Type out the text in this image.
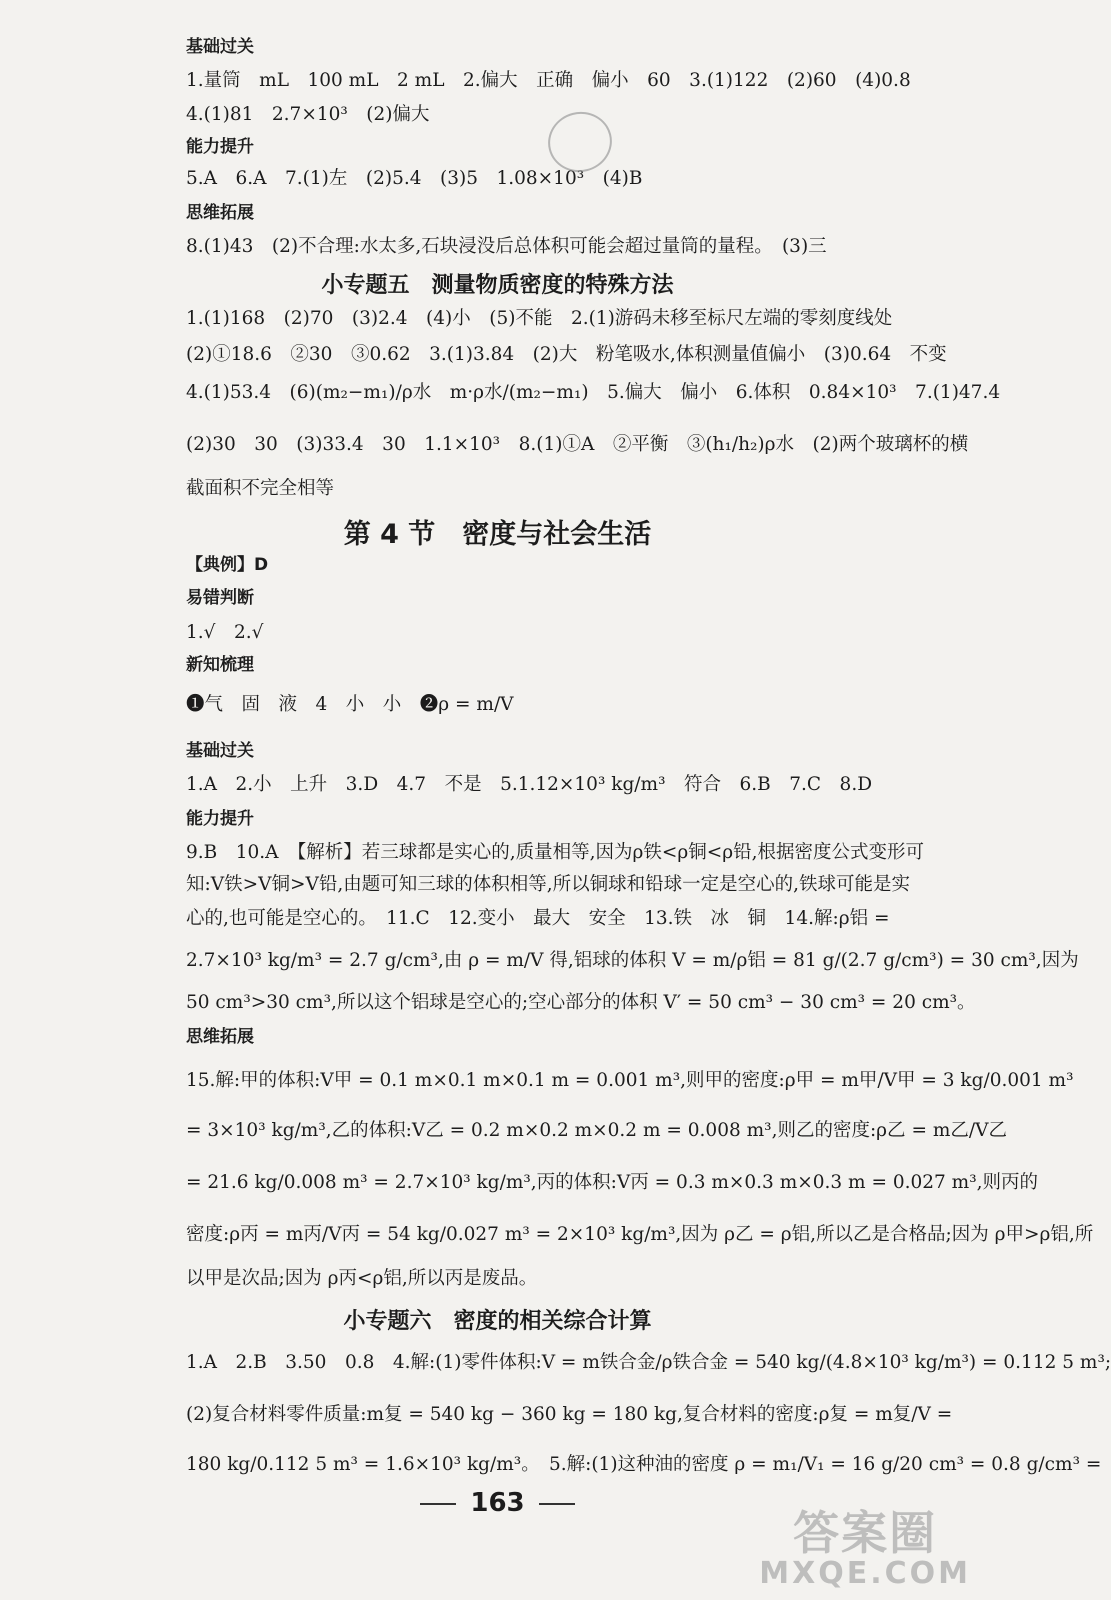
基础过关
1.量筒　mL　100 mL　2 mL　2.偏大　正确　偏小　60　3.(1)122　(2)60　(4)0.8
4.(1)81　2.7×10³　(2)偏大
能力提升
5.A　6.A　7.(1)左　(2)5.4　(3)5　1.08×10³　(4)B
思维拓展
8.(1)43　(2)不合理:水太多,石块浸没后总体积可能会超过量筒的量程。　(3)三
小专题五　测量物质密度的特殊方法
1.(1)168　(2)70　(3)2.4　(4)小　(5)不能　2.(1)游码未移至标尺左端的零刻度线处
(2)①18.6　②30　③0.62　3.(1)3.84　(2)大　粉笔吸水,体积测量值偏小　(3)0.64　不变
4.(1)53.4　(6)(m₂−m₁)/ρ水　m·ρ水/(m₂−m₁)　5.偏大　偏小　6.体积　0.84×10³　7.(1)47.4
(2)30　30　(3)33.4　30　1.1×10³　8.(1)①A　②平衡　③(h₁/h₂)ρ水　(2)两个玻璃杯的横
截面积不完全相等
第 4 节　密度与社会生活
【典例】D
易错判断
1.√　2.√
新知梳理
❶气　固　液　4　小　小　❷ρ = m/V
基础过关
1.A　2.小　上升　3.D　4.7　不是　5.1.12×10³ kg/m³　符合　6.B　7.C　8.D
能力提升
9.B　10.A　【解析】若三球都是实心的,质量相等,因为ρ铁<ρ铜<ρ铅,根据密度公式变形可
知:V铁>V铜>V铅,由题可知三球的体积相等,所以铜球和铅球一定是空心的,铁球可能是实
心的,也可能是空心的。　11.C　12.变小　最大　安全　13.铁　冰　铜　14.解:ρ铝 =
2.7×10³ kg/m³ = 2.7 g/cm³,由 ρ = m/V 得,铝球的体积 V = m/ρ铝 = 81 g/(2.7 g/cm³) = 30 cm³,因为
50 cm³>30 cm³,所以这个铝球是空心的;空心部分的体积 V′ = 50 cm³ − 30 cm³ = 20 cm³。
思维拓展
15.解:甲的体积:V甲 = 0.1 m×0.1 m×0.1 m = 0.001 m³,则甲的密度:ρ甲 = m甲/V甲 = 3 kg/0.001 m³
= 3×10³ kg/m³,乙的体积:V乙 = 0.2 m×0.2 m×0.2 m = 0.008 m³,则乙的密度:ρ乙 = m乙/V乙
= 21.6 kg/0.008 m³ = 2.7×10³ kg/m³,丙的体积:V丙 = 0.3 m×0.3 m×0.3 m = 0.027 m³,则丙的
密度:ρ丙 = m丙/V丙 = 54 kg/0.027 m³ = 2×10³ kg/m³,因为 ρ乙 = ρ铝,所以乙是合格品;因为 ρ甲>ρ铝,所
以甲是次品;因为 ρ丙<ρ铝,所以丙是废品。
小专题六　密度的相关综合计算
1.A　2.B　3.50　0.8　4.解:(1)零件体积:V = m铁合金/ρ铁合金 = 540 kg/(4.8×10³ kg/m³) = 0.112 5 m³;
(2)复合材料零件质量:m复 = 540 kg − 360 kg = 180 kg,复合材料的密度:ρ复 = m复/V =
180 kg/0.112 5 m³ = 1.6×10³ kg/m³。　5.解:(1)这种油的密度 ρ = m₁/V₁ = 16 g/20 cm³ = 0.8 g/cm³ =
163
答案圈
MXQE.COM
